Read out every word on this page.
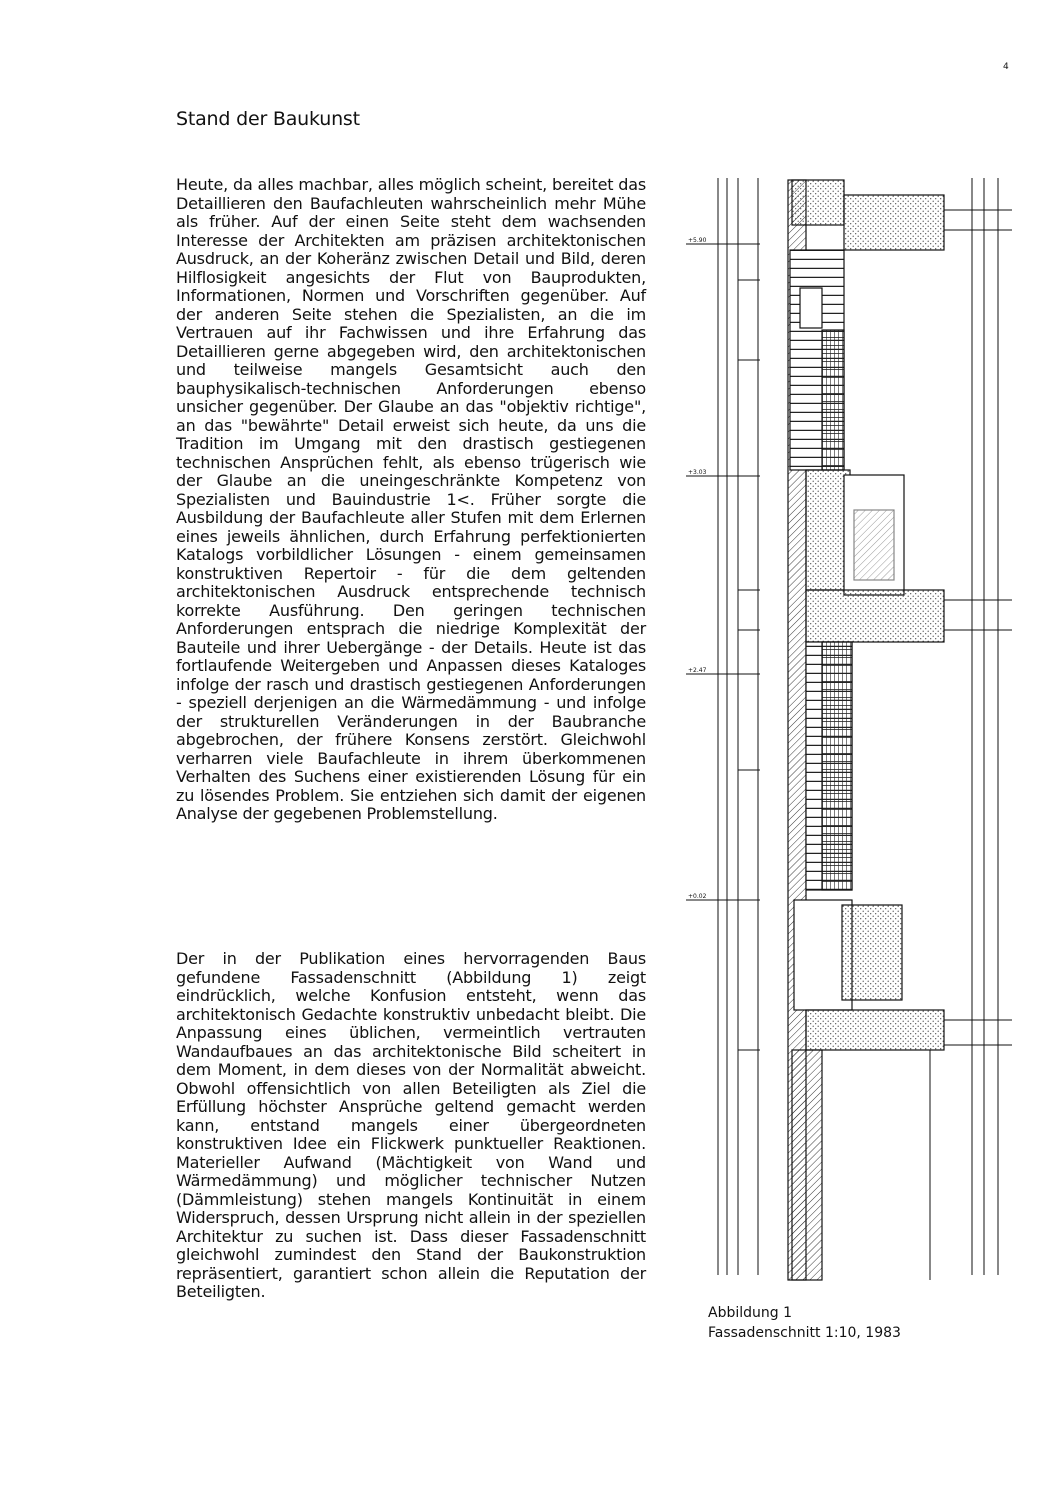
4
Stand der Baukunst

Heute, da alles machbar, alles möglich scheint, bereitet das Detaillieren den Baufachleuten wahrscheinlich mehr Mühe als früher. Auf der einen Seite steht dem wachsenden Interesse der Architekten am präzisen architektonischen Ausdruck, an der Koheränz zwischen Detail und Bild, deren Hilflosigkeit angesichts der Flut von Bauprodukten, Informationen, Normen und Vorschriften gegenüber. Auf der anderen Seite stehen die Spezialisten, an die im Vertrauen auf ihr Fachwissen und ihre Erfahrung das Detaillieren gerne abgegeben wird, den architektonischen und teilweise mangels Gesamtsicht auch den bauphysikalisch-technischen Anforderungen ebenso unsicher gegenüber. Der Glaube an das "objektiv richtige", an das "bewährte" Detail erweist sich heute, da uns die Tradition im Umgang mit den drastisch gestiegenen technischen Ansprüchen fehlt, als ebenso trügerisch wie der Glaube an die uneingeschränkte Kompetenz von Spezialisten und Bauindustrie 1<. Früher sorgte die Ausbildung der Baufachleute aller Stufen mit dem Erlernen eines jeweils ähnlichen, durch Erfahrung perfektionierten Katalogs vorbildlicher Lösungen - einem gemeinsamen konstruktiven Repertoir - für die dem geltenden architektonischen Ausdruck entsprechende technisch korrekte Ausführung. Den geringen technischen Anforderungen entsprach die niedrige Komplexität der Bauteile und ihrer Uebergänge - der Details. Heute ist das fortlaufende Weitergeben und Anpassen dieses Kataloges infolge der rasch und drastisch gestiegenen Anforderungen - speziell derjenigen an die Wärmedämmung - und infolge der strukturellen Veränderungen in der Baubranche abgebrochen, der frühere Konsens zerstört. Gleichwohl verharren viele Baufachleute in ihrem überkommenen Verhalten des Suchens einer existierenden Lösung für ein zu lösendes Problem. Sie entziehen sich damit der eigenen Analyse der gegebenen Problemstellung.

Der in der Publikation eines hervorragenden Baus gefundene Fassadenschnitt (Abbildung 1) zeigt eindrücklich, welche Konfusion entsteht, wenn das architektonisch Gedachte konstruktiv unbedacht bleibt. Die Anpassung eines üblichen, vermeintlich vertrauten Wandaufbaues an das architektonische Bild scheitert in dem Moment, in dem dieses von der Normalität abweicht. Obwohl offensichtlich von allen Beteiligten als Ziel die Erfüllung höchster Ansprüche geltend gemacht werden kann, entstand mangels einer übergeordneten konstruktiven Idee ein Flickwerk punktueller Reaktionen. Materieller Aufwand (Mächtigkeit von Wand und Wärmedämmung) und möglicher technischer Nutzen (Dämmleistung) stehen mangels Kontinuität in einem Widerspruch, dessen Ursprung nicht allein in der speziellen Architektur zu suchen ist. Dass dieser Fassadenschnitt gleichwohl zumindest den Stand der Baukonstruktion repräsentiert, garantiert schon allein die Reputation der Beteiligten.

+5.90
+3.03
+2.47
+0.02
Abbildung 1
Fassadenschnitt 1:10, 1983
